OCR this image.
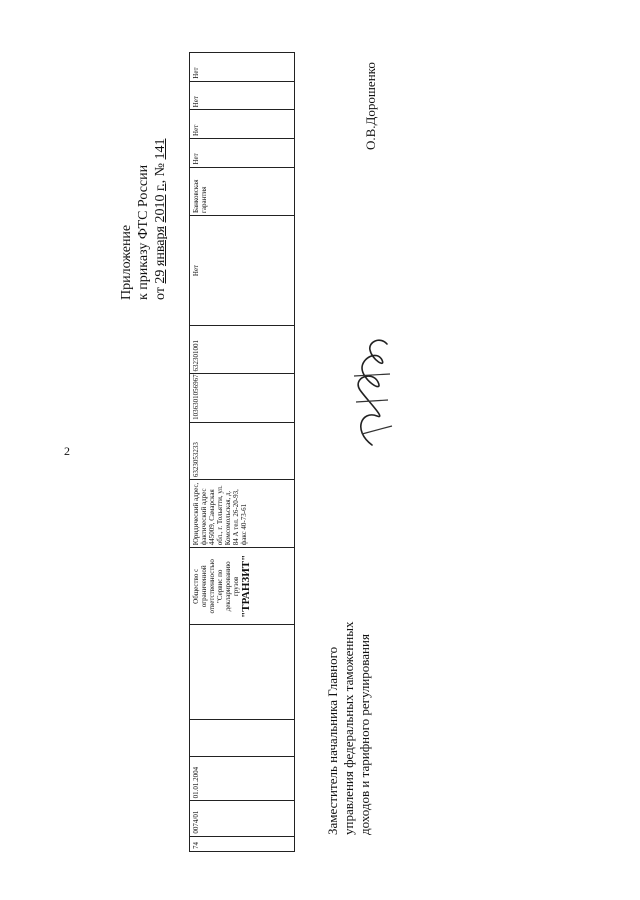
2
Приложение к приказу ФТС России от 29 января 2010 г., № 141
74	0074/01	01.01.2004			Общество с
ограниченной
ответственностью
"Сервис по
декларированию
грузов "ТРАНЗИТ"
	Юридический адрес, фактический адрес 445009, Самарская обл., г. Тольятти, ул. Комсомольская, д. 84 А тел. 26-20-93, факс 40-73-61	6323053233	1036301056967	632301001	Нет	Банковская гарантия	Нет	Нет	Нет	Нет
Заместитель начальника Главного управления федеральных таможенных доходов и тарифного регулирования
О.В.Дорошенко
